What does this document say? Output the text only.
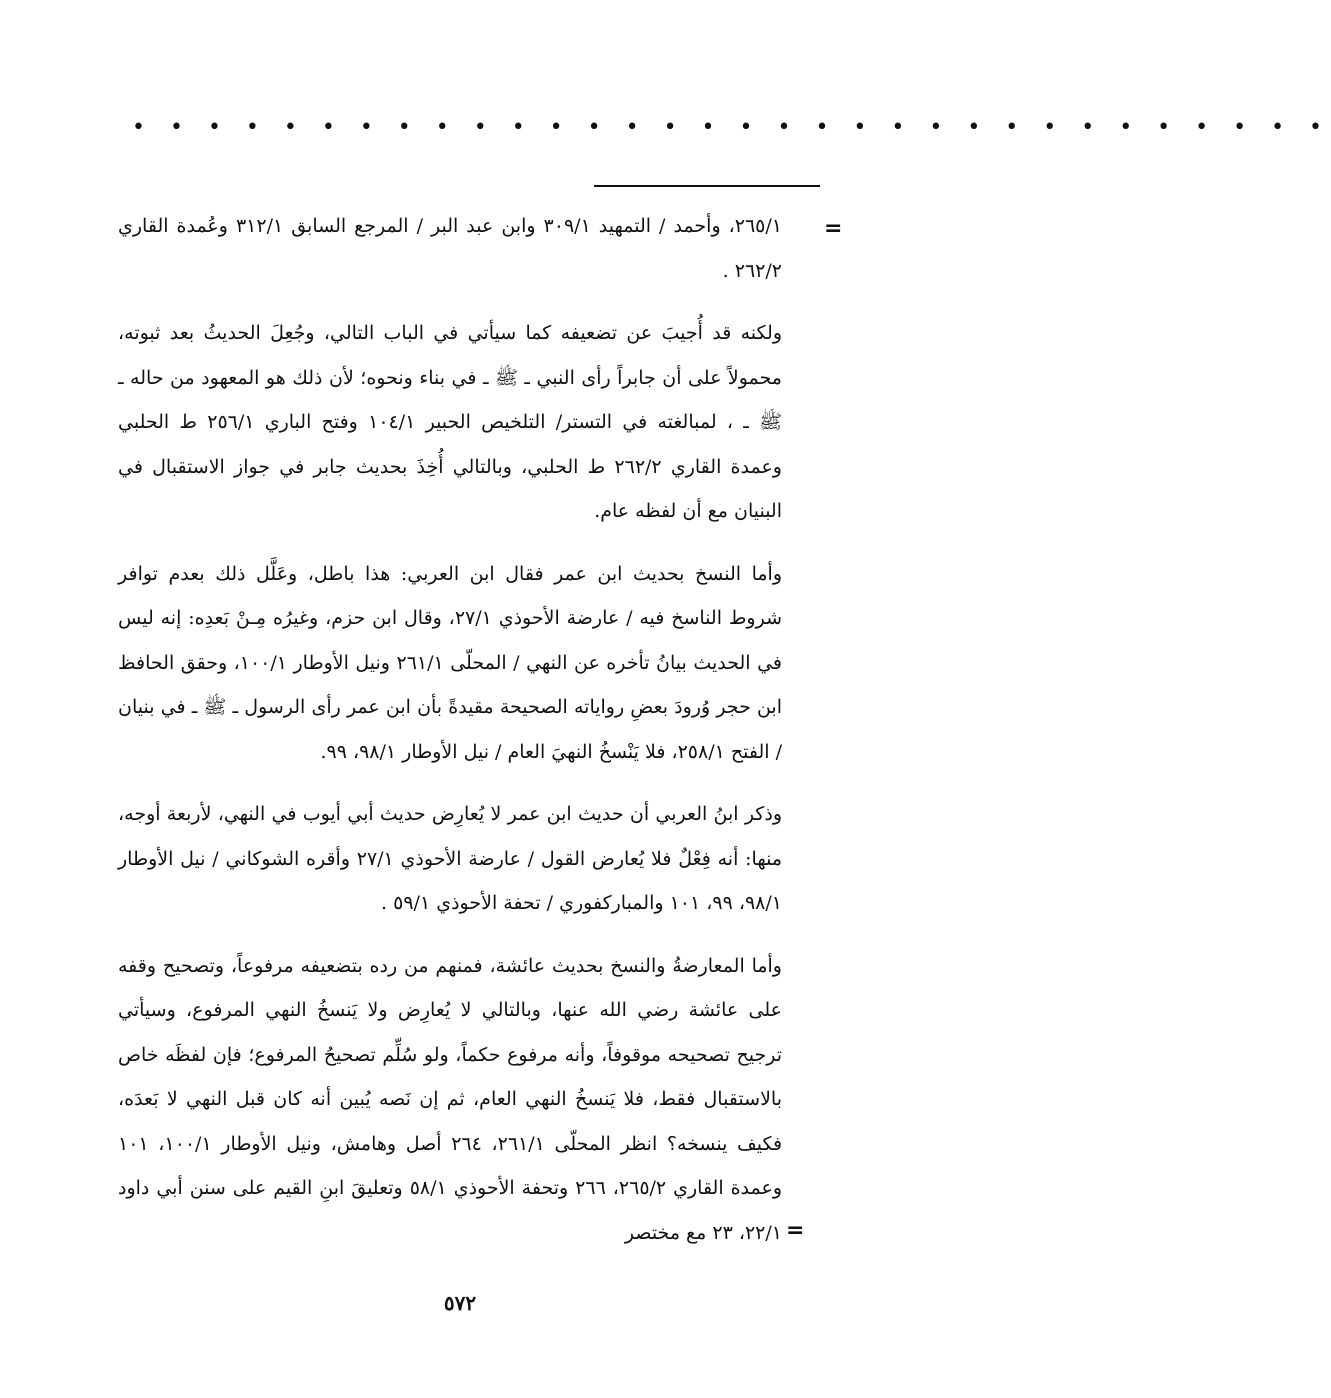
• • • • • • • • • • • • • • • • • • • • • • • • • • • • • • • •
=

٢٦٥/١، وأحمد / التمهيد ٣٠٩/١ وابن عبد البر / المرجع السابق ٣١٢/١ وعُمدة القاري ٢٦٢/٢ .

ولكنه قد أُجيبَ عن تضعيفه كما سيأتي في الباب التالي، وجُعِلَ الحديثُ بعد ثبوته، محمولاً على أن جابراً رأى النبي ـ ﷺ ـ في بناء ونحوه؛ لأن ذلك هو المعهود من حاله ـ ﷺ ـ ، لمبالغته في التستر/ التلخيص الحبير ١٠٤/١ وفتح الباري ٢٥٦/١ ط الحلبي وعمدة القاري ٢٦٢/٢ ط الحلبي، وبالتالي أُخِذَ بحديث جابر في جواز الاستقبال في البنيان مع أن لفظه عام.

وأما النسخ بحديث ابن عمر فقال ابن العربي: هذا باطل، وعَلَّل ذلك بعدم توافر شروط الناسخ فيه / عارضة الأحوذي ٢٧/١، وقال ابن حزم، وغيرُه مِـنْ بَعدِه: إنه ليس في الحديث بيانُ تأخره عن النهي / المحلّى ٢٦١/١ ونيل الأوطار ١٠٠/١، وحقق الحافظ ابن حجر وُرودَ بعضِ رواياته الصحيحة مقيدةً بأن ابن عمر رأى الرسول ـ ﷺ ـ في بنيان / الفتح ٢٥٨/١، فلا يَنْسخُ النهيَ العام / نيل الأوطار ٩٨/١، ٩٩.

وذكر ابنُ العربي أن حديث ابن عمر لا يُعارِض حديث أبي أيوب في النهي، لأربعة أوجه، منها: أنه فِعْلٌ فلا يُعارض القول / عارضة الأحوذي ٢٧/١ وأقره الشوكاني / نيل الأوطار ٩٨/١، ٩٩، ١٠١ والمباركفوري / تحفة الأحوذي ٥٩/١ .

وأما المعارضةُ والنسخ بحديث عائشة، فمنهم من رده بتضعيفه مرفوعاً، وتصحيح وقفه على عائشة رضي الله عنها، وبالتالي لا يُعارِض ولا يَنسخُ النهي المرفوع، وسيأتي ترجيح تصحيحه موقوفاً، وأنه مرفوع حكماً، ولو سُلِّم تصحيحُ المرفوع؛ فإن لفظَه خاص بالاستقبال فقط، فلا يَنسخُ النهي العام، ثم إن نَصه يُبين أنه كان قبل النهي لا بَعدَه، فكيف ينسخه؟ انظر المحلّى ٢٦١/١، ٢٦٤ أصل وهامش، ونيل الأوطار ١٠٠/١، ١٠١ وعمدة القاري ٢٦٥/٢، ٢٦٦ وتحفة الأحوذي ٥٨/١ وتعليقَ ابنِ القيم على سنن أبي داود ٢٢/١، ٢٣ مع مختصر =
٥٧٢
